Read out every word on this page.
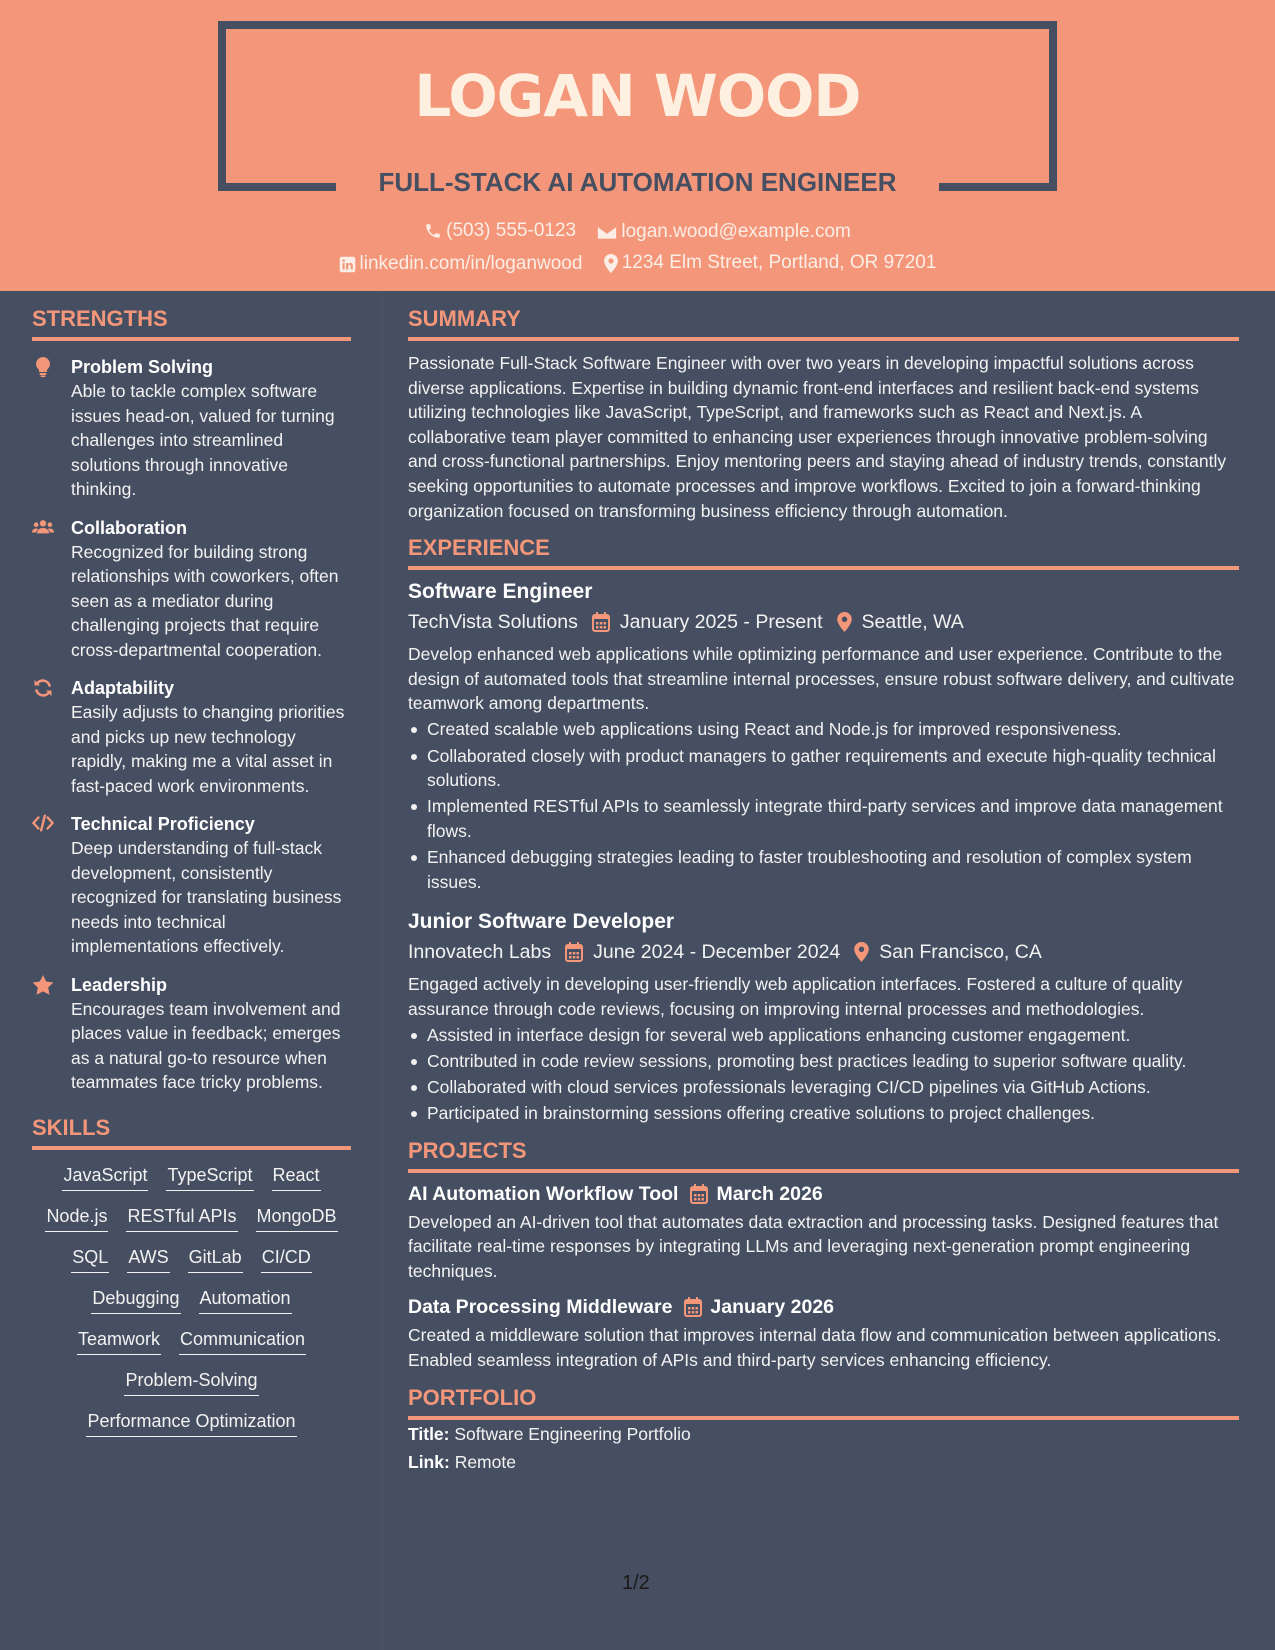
LOGAN WOOD
FULL-STACK AI AUTOMATION ENGINEER
(503) 555-0123
logan.wood@example.com
linkedin.com/in/loganwood
1234 Elm Street, Portland, OR 97201
STRENGTHS
Problem Solving
Able to tackle complex software issues head-on, valued for turning challenges into streamlined solutions through innovative thinking.
Collaboration
Recognized for building strong relationships with coworkers, often seen as a mediator during challenging projects that require cross-departmental cooperation.
Adaptability
Easily adjusts to changing priorities and picks up new technology rapidly, making me a vital asset in fast-paced work environments.
Technical Proficiency
Deep understanding of full-stack development, consistently recognized for translating business needs into technical implementations effectively.
Leadership
Encourages team involvement and places value in feedback; emerges as a natural go-to resource when teammates face tricky problems.
SKILLS
JavaScript TypeScript React
Node.js RESTful APIs MongoDB
SQL AWS GitLab CI/CD
Debugging Automation
Teamwork Communication
Problem-Solving
Performance Optimization
SUMMARY
Passionate Full-Stack Software Engineer with over two years in developing impactful solutions across diverse applications. Expertise in building dynamic front-end interfaces and resilient back-end systems utilizing technologies like JavaScript, TypeScript, and frameworks such as React and Next.js. A collaborative team player committed to enhancing user experiences through innovative problem-solving and cross-functional partnerships. Enjoy mentoring peers and staying ahead of industry trends, constantly seeking opportunities to automate processes and improve workflows. Excited to join a forward-thinking organization focused on transforming business efficiency through automation.
EXPERIENCE
Software Engineer
TechVista Solutions January 2025 - Present Seattle, WA
Develop enhanced web applications while optimizing performance and user experience. Contribute to the design of automated tools that streamline internal processes, ensure robust software delivery, and cultivate teamwork among departments.
Created scalable web applications using React and Node.js for improved responsiveness.
Collaborated closely with product managers to gather requirements and execute high-quality technical solutions.
Implemented RESTful APIs to seamlessly integrate third-party services and improve data management flows.
Enhanced debugging strategies leading to faster troubleshooting and resolution of complex system issues.
Junior Software Developer
Innovatech Labs June 2024 - December 2024 San Francisco, CA
Engaged actively in developing user-friendly web application interfaces. Fostered a culture of quality assurance through code reviews, focusing on improving internal processes and methodologies.
Assisted in interface design for several web applications enhancing customer engagement.
Contributed in code review sessions, promoting best practices leading to superior software quality.
Collaborated with cloud services professionals leveraging CI/CD pipelines via GitHub Actions.
Participated in brainstorming sessions offering creative solutions to project challenges.
PROJECTS
AI Automation Workflow Tool March 2026
Developed an AI-driven tool that automates data extraction and processing tasks. Designed features that facilitate real-time responses by integrating LLMs and leveraging next-generation prompt engineering techniques.
Data Processing Middleware January 2026
Created a middleware solution that improves internal data flow and communication between applications. Enabled seamless integration of APIs and third-party services enhancing efficiency.
PORTFOLIO
Title: Software Engineering Portfolio
Link: Remote
1/2
